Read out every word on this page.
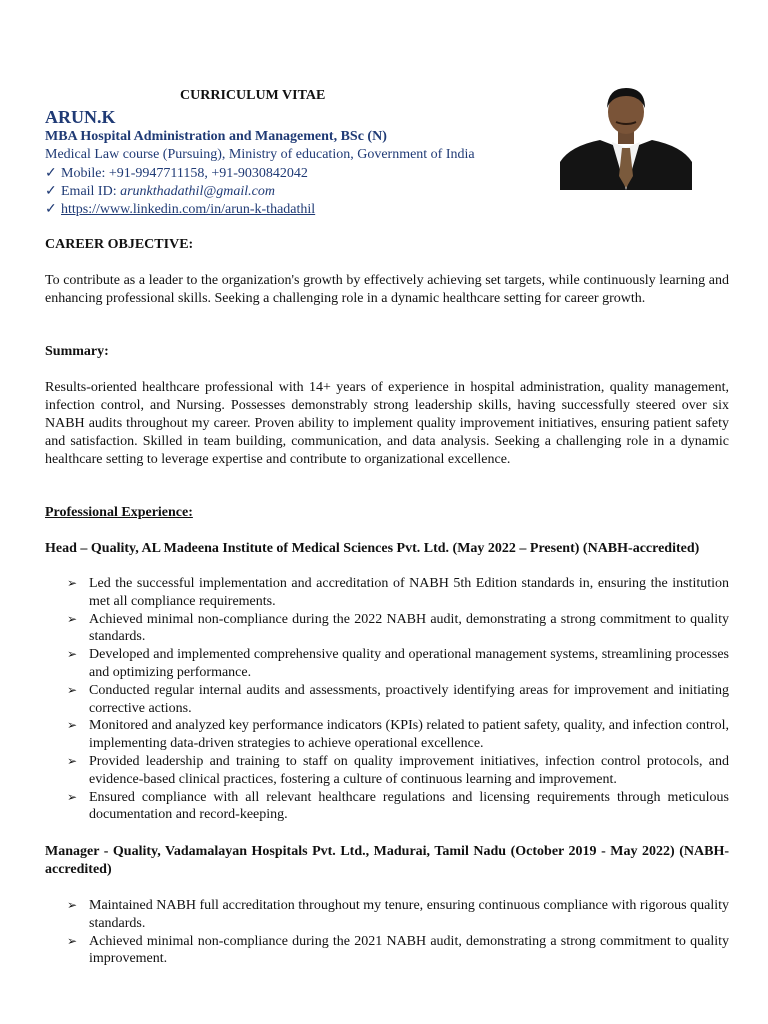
CURRICULUM VITAE
ARUN.K
MBA Hospital Administration and Management, BSc (N)
Medical Law course (Pursuing), Ministry of education, Government of India
✓ Mobile: +91-9947711158, +91-9030842042
✓ Email ID: arunkthadathil@gmail.com
✓ https://www.linkedin.com/in/arun-k-thadathil
CAREER OBJECTIVE:
To contribute as a leader to the organization's growth by effectively achieving set targets, while continuously learning and enhancing professional skills. Seeking a challenging role in a dynamic healthcare setting for career growth.
Summary:
Results-oriented healthcare professional with 14+ years of experience in hospital administration, quality management, infection control, and Nursing. Possesses demonstrably strong leadership skills, having successfully steered over six NABH audits throughout my career. Proven ability to implement quality improvement initiatives, ensuring patient safety and satisfaction. Skilled in team building, communication, and data analysis. Seeking a challenging role in a dynamic healthcare setting to leverage expertise and contribute to organizational excellence.
Professional Experience:
Head – Quality, AL Madeena Institute of Medical Sciences Pvt. Ltd. (May 2022 – Present) (NABH-accredited)
➢ Led the successful implementation and accreditation of NABH 5th Edition standards in, ensuring the institution met all compliance requirements.
➢ Achieved minimal non-compliance during the 2022 NABH audit, demonstrating a strong commitment to quality standards.
➢ Developed and implemented comprehensive quality and operational management systems, streamlining processes and optimizing performance.
➢ Conducted regular internal audits and assessments, proactively identifying areas for improvement and initiating corrective actions.
➢ Monitored and analyzed key performance indicators (KPIs) related to patient safety, quality, and infection control, implementing data-driven strategies to achieve operational excellence.
➢ Provided leadership and training to staff on quality improvement initiatives, infection control protocols, and evidence-based clinical practices, fostering a culture of continuous learning and improvement.
➢ Ensured compliance with all relevant healthcare regulations and licensing requirements through meticulous documentation and record-keeping.
Manager - Quality, Vadamalayan Hospitals Pvt. Ltd., Madurai, Tamil Nadu (October 2019 - May 2022) (NABH-accredited)
➢ Maintained NABH full accreditation throughout my tenure, ensuring continuous compliance with rigorous quality standards.
➢ Achieved minimal non-compliance during the 2021 NABH audit, demonstrating a strong commitment to quality improvement.
